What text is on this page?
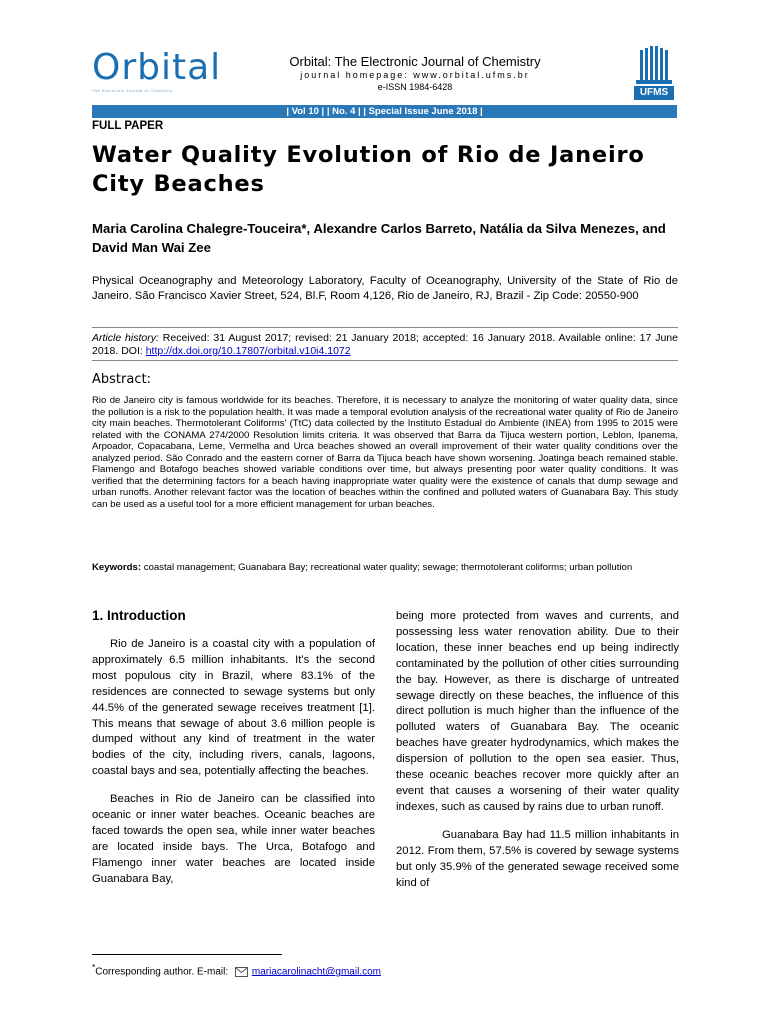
Orbital
The Electronic Journal of Chemistry
Orbital: The Electronic Journal of Chemistry
journal homepage: www.orbital.ufms.br
e-ISSN 1984-6428	UFMS
| Vol 10 | | No. 4 | | Special Issue June 2018 |
FULL PAPER
Water Quality Evolution of Rio de Janeiro City Beaches
Maria Carolina Chalegre-Touceira*, Alexandre Carlos Barreto, Natália da Silva Menezes, and David Man Wai Zee
Physical Oceanography and Meteorology Laboratory, Faculty of Oceanography, University of the State of Rio de Janeiro. São Francisco Xavier Street, 524, Bl.F, Room 4,126, Rio de Janeiro, RJ, Brazil - Zip Code: 20550-900
Article history: Received: 31 August 2017; revised: 21 January 2018; accepted: 16 January 2018. Available online: 17 June 2018. DOI: http://dx.doi.org/10.17807/orbital.v10i4.1072
Abstract:
Rio de Janeiro city is famous worldwide for its beaches. Therefore, it is necessary to analyze the monitoring of water quality data, since the pollution is a risk to the population health. It was made a temporal evolution analysis of the recreational water quality of Rio de Janeiro city main beaches. Thermotolerant Coliforms' (TtC) data collected by the Instituto Estadual do Ambiente (INEA) from 1995 to 2015 were related with the CONAMA 274/2000 Resolution limits criteria. It was observed that Barra da Tijuca western portion, Leblon, Ipanema, Arpoador, Copacabana, Leme, Vermelha and Urca beaches showed an overall improvement of their water quality conditions over the analyzed period. São Conrado and the eastern corner of Barra da Tijuca beach have shown worsening. Joatinga beach remained stable. Flamengo and Botafogo beaches showed variable conditions over time, but always presenting poor water quality conditions. It was verified that the determining factors for a beach having inappropriate water quality were the existence of canals that dump sewage and urban runoffs. Another relevant factor was the location of beaches within the confined and polluted waters of Guanabara Bay. This study can be used as a useful tool for a more efficient management for urban beaches.
Keywords: coastal management; Guanabara Bay; recreational water quality; sewage; thermotolerant coliforms; urban pollution
1. Introduction

Rio de Janeiro is a coastal city with a population of approximately 6.5 million inhabitants. It's the second most populous city in Brazil, where 83.1% of the residences are connected to sewage systems but only 44.5% of the generated sewage receives treatment [1]. This means that sewage of about 3.6 million people is dumped without any kind of treatment in the water bodies of the city, including rivers, canals, lagoons, coastal bays and sea, potentially affecting the beaches.

Beaches in Rio de Janeiro can be classified into oceanic or inner water beaches. Oceanic beaches are faced towards the open sea, while inner water beaches are located inside bays. The Urca, Botafogo and Flamengo inner water beaches are located inside Guanabara Bay,

being more protected from waves and currents, and possessing less water renovation ability. Due to their location, these inner beaches end up being indirectly contaminated by the pollution of other cities surrounding the bay. However, as there is discharge of untreated sewage directly on these beaches, the influence of this direct pollution is much higher than the influence of the polluted waters of Guanabara Bay. The oceanic beaches have greater hydrodynamics, which makes the dispersion of pollution to the open sea easier. Thus, these oceanic beaches recover more quickly after an event that causes a worsening of their water quality indexes, such as caused by rains due to urban runoff.

Guanabara Bay had 11.5 million inhabitants in 2012. From them, 57.5% is covered by sewage systems but only 35.9% of the generated sewage received some kind of

*Corresponding author. E-mail:
mariacarolinacht@gmail.com
